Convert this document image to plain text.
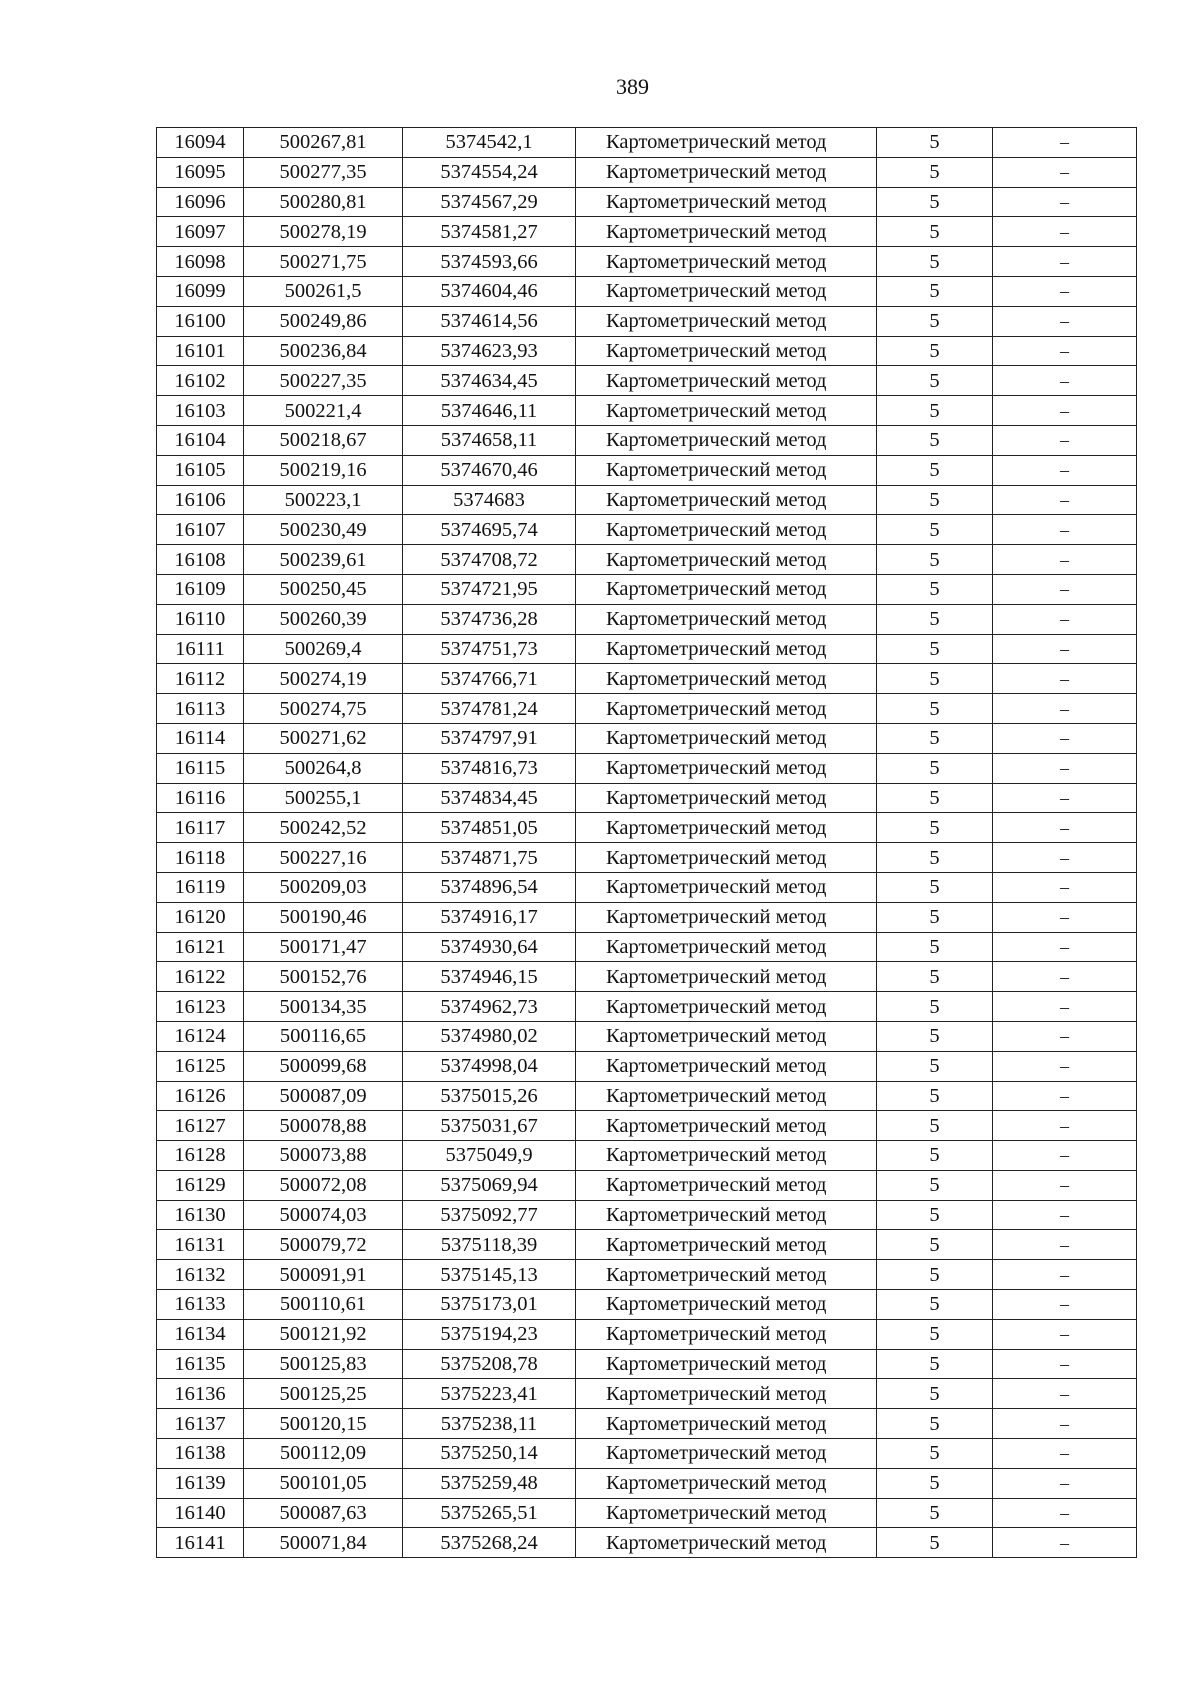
389
16094	500267,81	5374542,1	Картометрический метод	5	–
16095	500277,35	5374554,24	Картометрический метод	5	–
16096	500280,81	5374567,29	Картометрический метод	5	–
16097	500278,19	5374581,27	Картометрический метод	5	–
16098	500271,75	5374593,66	Картометрический метод	5	–
16099	500261,5	5374604,46	Картометрический метод	5	–
16100	500249,86	5374614,56	Картометрический метод	5	–
16101	500236,84	5374623,93	Картометрический метод	5	–
16102	500227,35	5374634,45	Картометрический метод	5	–
16103	500221,4	5374646,11	Картометрический метод	5	–
16104	500218,67	5374658,11	Картометрический метод	5	–
16105	500219,16	5374670,46	Картометрический метод	5	–
16106	500223,1	5374683	Картометрический метод	5	–
16107	500230,49	5374695,74	Картометрический метод	5	–
16108	500239,61	5374708,72	Картометрический метод	5	–
16109	500250,45	5374721,95	Картометрический метод	5	–
16110	500260,39	5374736,28	Картометрический метод	5	–
16111	500269,4	5374751,73	Картометрический метод	5	–
16112	500274,19	5374766,71	Картометрический метод	5	–
16113	500274,75	5374781,24	Картометрический метод	5	–
16114	500271,62	5374797,91	Картометрический метод	5	–
16115	500264,8	5374816,73	Картометрический метод	5	–
16116	500255,1	5374834,45	Картометрический метод	5	–
16117	500242,52	5374851,05	Картометрический метод	5	–
16118	500227,16	5374871,75	Картометрический метод	5	–
16119	500209,03	5374896,54	Картометрический метод	5	–
16120	500190,46	5374916,17	Картометрический метод	5	–
16121	500171,47	5374930,64	Картометрический метод	5	–
16122	500152,76	5374946,15	Картометрический метод	5	–
16123	500134,35	5374962,73	Картометрический метод	5	–
16124	500116,65	5374980,02	Картометрический метод	5	–
16125	500099,68	5374998,04	Картометрический метод	5	–
16126	500087,09	5375015,26	Картометрический метод	5	–
16127	500078,88	5375031,67	Картометрический метод	5	–
16128	500073,88	5375049,9	Картометрический метод	5	–
16129	500072,08	5375069,94	Картометрический метод	5	–
16130	500074,03	5375092,77	Картометрический метод	5	–
16131	500079,72	5375118,39	Картометрический метод	5	–
16132	500091,91	5375145,13	Картометрический метод	5	–
16133	500110,61	5375173,01	Картометрический метод	5	–
16134	500121,92	5375194,23	Картометрический метод	5	–
16135	500125,83	5375208,78	Картометрический метод	5	–
16136	500125,25	5375223,41	Картометрический метод	5	–
16137	500120,15	5375238,11	Картометрический метод	5	–
16138	500112,09	5375250,14	Картометрический метод	5	–
16139	500101,05	5375259,48	Картометрический метод	5	–
16140	500087,63	5375265,51	Картометрический метод	5	–
16141	500071,84	5375268,24	Картометрический метод	5	–
